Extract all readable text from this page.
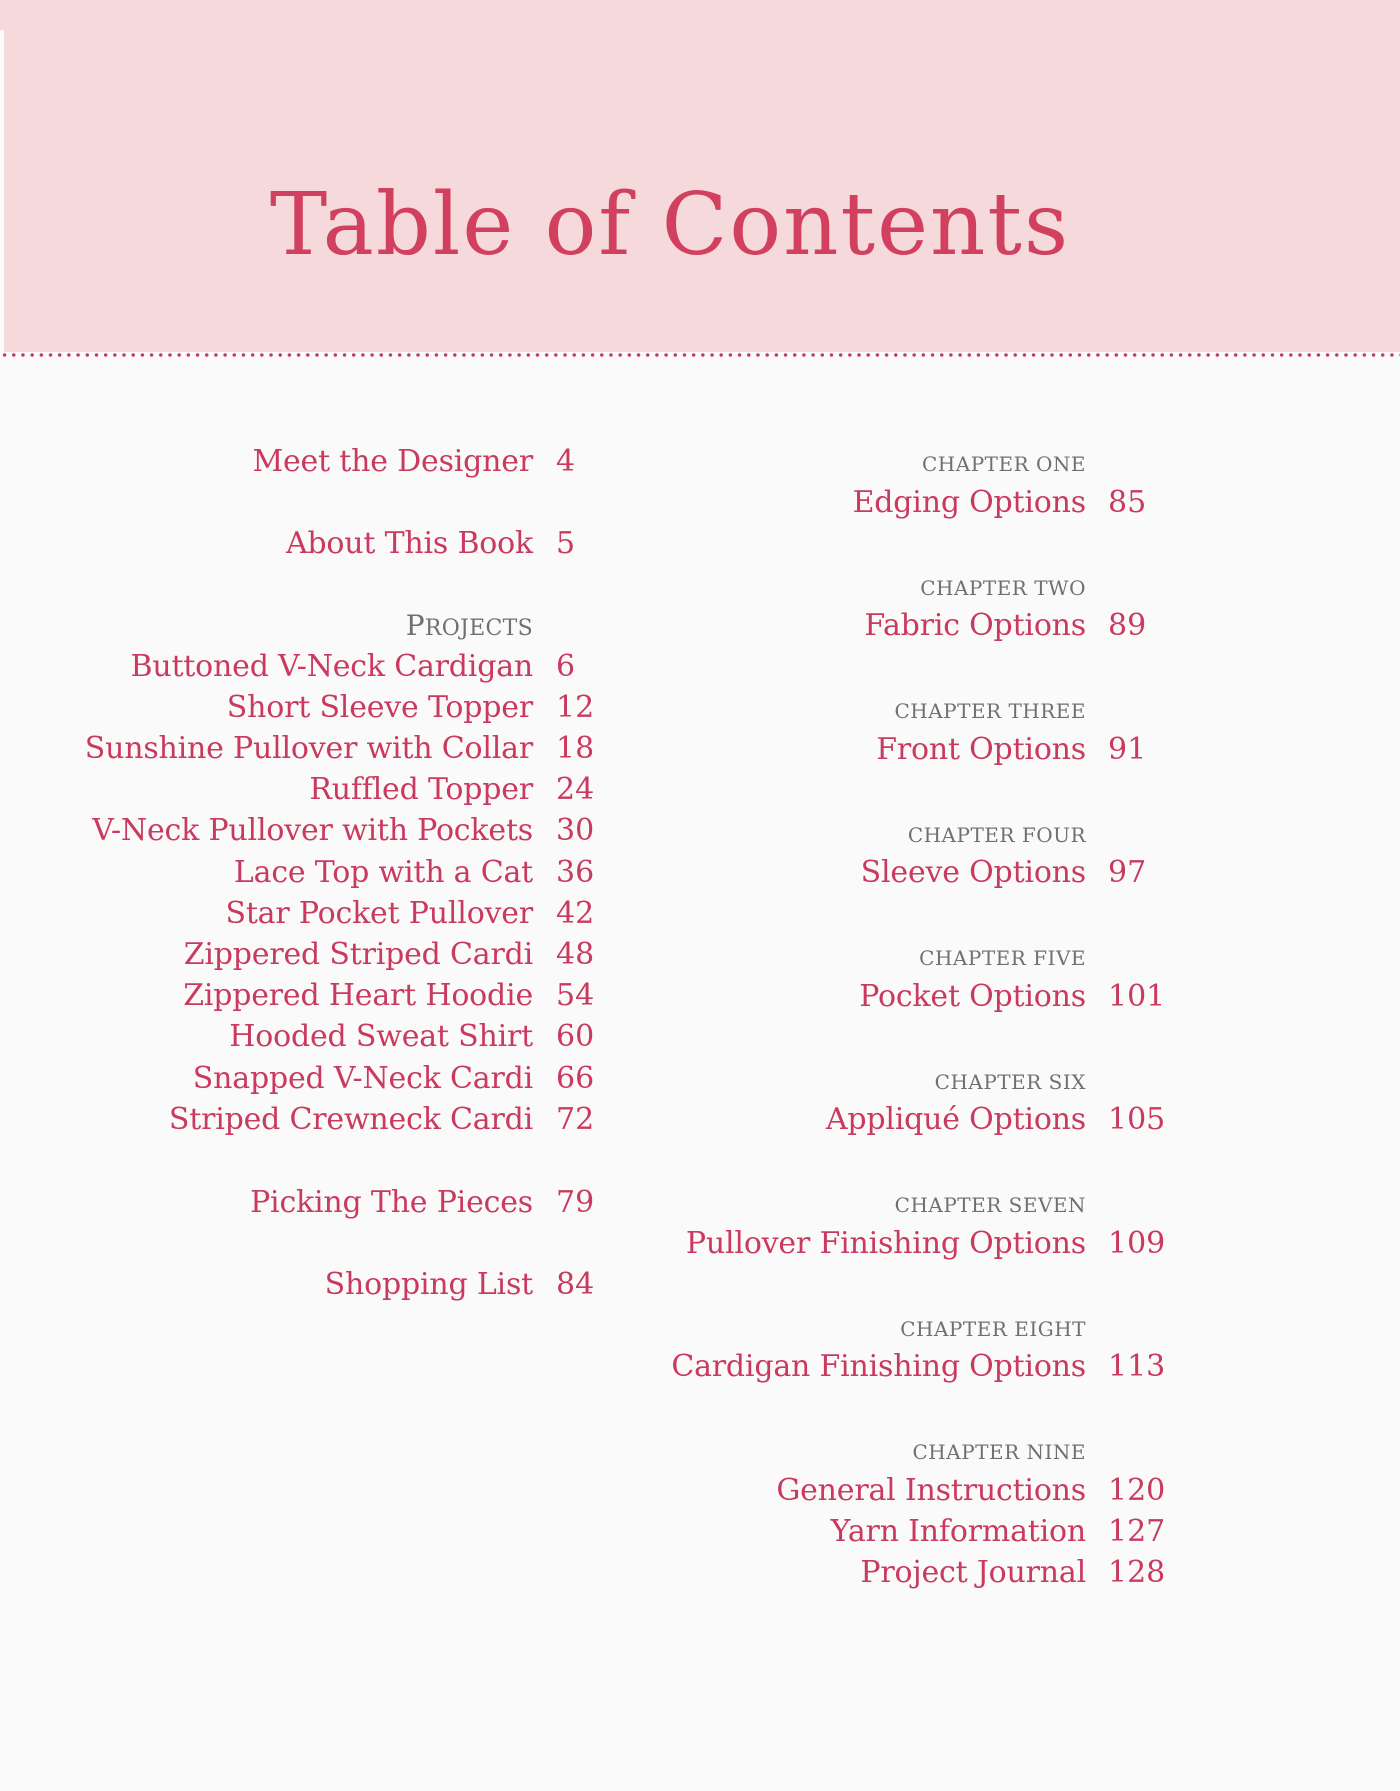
Table of Contents
Meet the Designer 4
About This Book 5
PROJECTS
Buttoned V-Neck Cardigan 6
Short Sleeve Topper 12
Sunshine Pullover with Collar 18
Ruffled Topper 24
V-Neck Pullover with Pockets 30
Lace Top with a Cat 36
Star Pocket Pullover 42
Zippered Striped Cardi 48
Zippered Heart Hoodie 54
Hooded Sweat Shirt 60
Snapped V-Neck Cardi 66
Striped Crewneck Cardi 72
Picking The Pieces 79
Shopping List 84
CHAPTER ONE
Edging Options 85
CHAPTER TWO
Fabric Options 89
CHAPTER THREE
Front Options 91
CHAPTER FOUR
Sleeve Options 97
CHAPTER FIVE
Pocket Options 101
CHAPTER SIX
Appliqué Options 105
CHAPTER SEVEN
Pullover Finishing Options 109
CHAPTER EIGHT
Cardigan Finishing Options 113
CHAPTER NINE
General Instructions 120
Yarn Information 127
Project Journal 128
